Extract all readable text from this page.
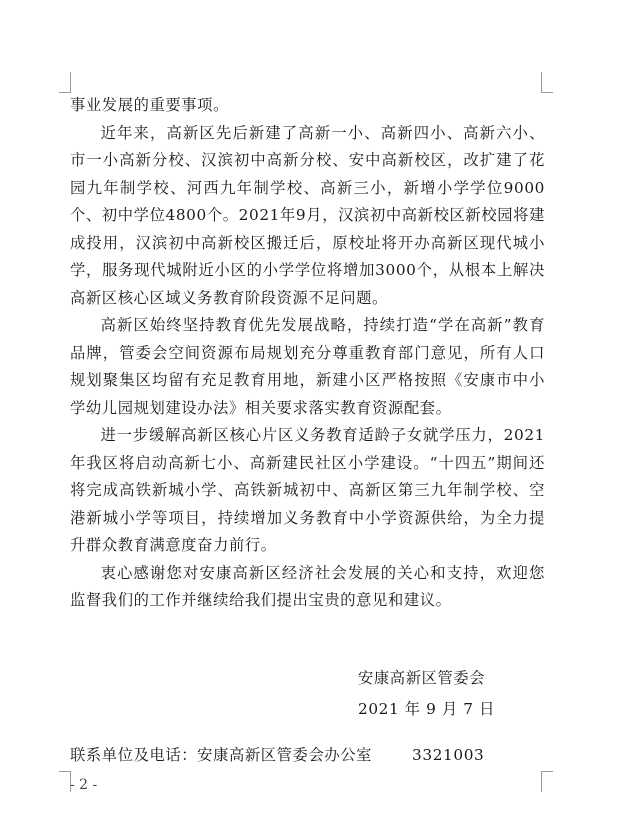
事业发展的重要事项。

近年来，高新区先后新建了高新一小、高新四小、高新六小、市一小高新分校、汉滨初中高新分校、安中高新校区，改扩建了花园九年制学校、河西九年制学校、高新三小，新增小学学位9000个、初中学位4800个。2021年9月，汉滨初中高新校区新校园将建成投用，汉滨初中高新校区搬迁后，原校址将开办高新区现代城小学，服务现代城附近小区的小学学位将增加3000个，从根本上解决高新区核心区域义务教育阶段资源不足问题。

高新区始终坚持教育优先发展战略，持续打造“学在高新”教育品牌，管委会空间资源布局规划充分尊重教育部门意见，所有人口规划聚集区均留有充足教育用地，新建小区严格按照《安康市中小学幼儿园规划建设办法》相关要求落实教育资源配套。

进一步缓解高新区核心片区义务教育适龄子女就学压力，2021年我区将启动高新七小、高新建民社区小学建设。“十四五”期间还将完成高铁新城小学、高铁新城初中、高新区第三九年制学校、空港新城小学等项目，持续增加义务教育中小学资源供给，为全力提升群众教育满意度奋力前行。

衷心感谢您对安康高新区经济社会发展的关心和支持，欢迎您监督我们的工作并继续给我们提出宝贵的意见和建议。

安康高新区管委会
2021 年 9 月 7 日
联系单位及电话：安康高新区管委会办公室	3321003
- 2 -
